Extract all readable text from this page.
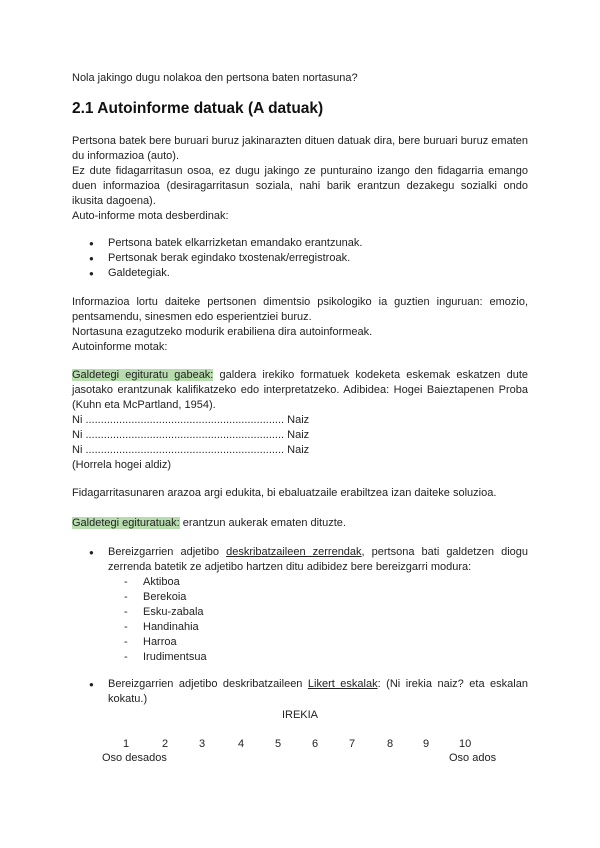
Nola jakingo dugu nolakoa den pertsona baten nortasuna?

2.1 Autoinforme datuak (A datuak)

Pertsona batek bere buruari buruz jakinarazten dituen datuak dira, bere buruari buruz ematen du informazioa (auto).

Ez dute fidagarritasun osoa, ez dugu jakingo ze punturaino izango den fidagarria emango duen informazioa (desiragarritasun soziala, nahi barik erantzun dezakegu sozialki ondo ikusita dagoena).

Auto-informe mota desberdinak:

● Pertsona batek elkarrizketan emandako erantzunak.
● Pertsonak berak egindako txostenak/erregistroak.
● Galdetegiak.

Informazioa lortu daiteke pertsonen dimentsio psikologiko ia guztien inguruan: emozio, pentsamendu, sinesmen edo esperientziei buruz.

Nortasuna ezagutzeko modurik erabiliena dira autoinformeak.

Autoinforme motak:

Galdetegi egituratu gabeak: galdera irekiko formatuek kodeketa eskemak eskatzen dute jasotako erantzunak kalifikatzeko edo interpretatzeko. Adibidea: Hogei Baieztapenen Proba (Kuhn eta McPartland, 1954).

Ni ................................................................. Naiz

Ni ................................................................. Naiz

Ni ................................................................. Naiz

(Horrela hogei aldiz)

Fidagarritasunaren arazoa argi edukita, bi ebaluatzaile erabiltzea izan daiteke soluzioa.

Galdetegi egituratuak: erantzun aukerak ematen dituzte.

● Bereizgarrien adjetibo deskribatzaileen zerrendak, pertsona bati galdetzen diogu zerrenda batetik ze adjetibo hartzen ditu adibidez bere bereizgarri modura:
- Aktiboa
- Berekoia
- Esku-zabala
- Handinahia
- Harroa
- Irudimentsua
● Bereizgarrien adjetibo deskribatzaileen Likert eskalak: (Ni irekia naiz? eta eskalan kokatu.)

IREKIA

1	2	3	4	5	6	7	8	9	10
Oso desados	Oso ados
